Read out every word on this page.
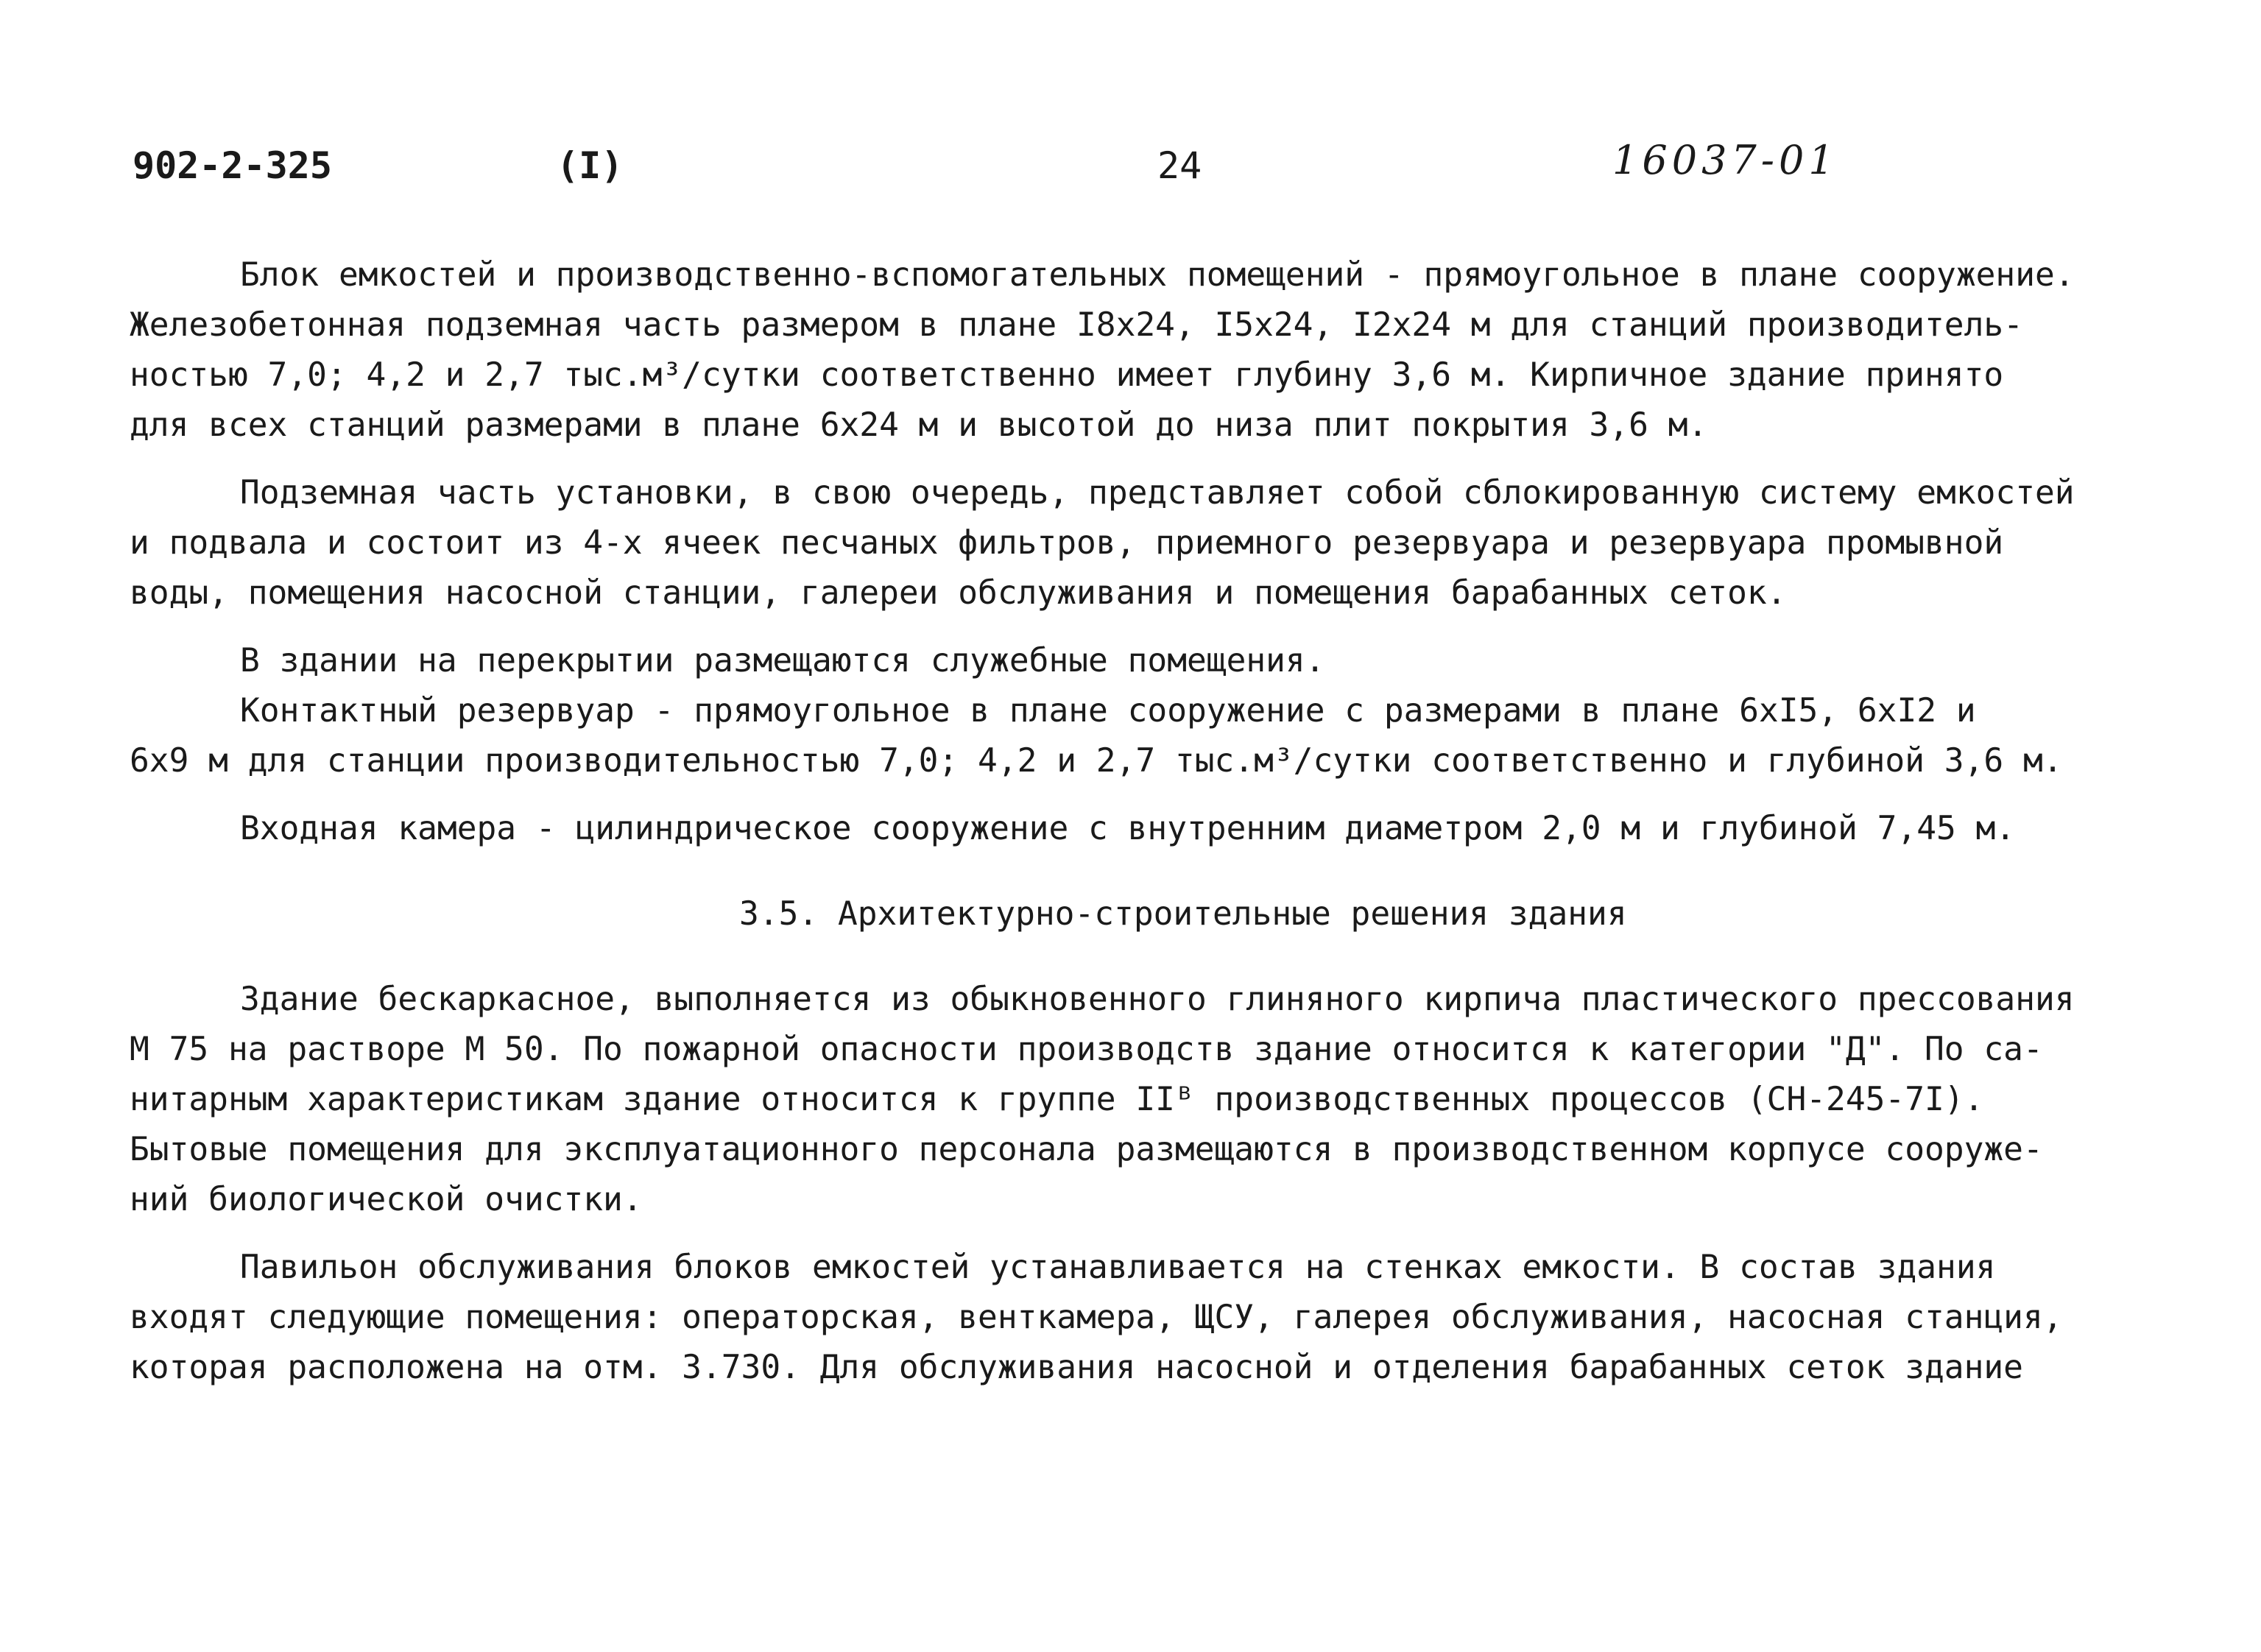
902-2-325	(I)	24	16037-01
Блок емкостей и производственно-вспомогательных помещений - прямоугольное в плане сооружение.
Железобетонная подземная часть размером в плане I8x24, I5x24, I2x24 м для станций производитель-
ностью 7,0; 4,2 и 2,7 тыс.м³/сутки соответственно имеет глубину 3,6 м. Кирпичное здание принято
для всех станций размерами в плане 6x24 м и высотой до низа плит покрытия 3,6 м.
Подземная часть установки, в свою очередь, представляет собой сблокированную систему емкостей
и подвала и состоит из 4-х ячеек песчаных фильтров, приемного резервуара и резервуара промывной
воды, помещения насосной станции, галереи обслуживания и помещения барабанных сеток.
В здании на перекрытии размещаются служебные помещения.
Контактный резервуар - прямоугольное в плане сооружение с размерами в плане 6xI5, 6xI2 и
6x9 м для станции производительностью 7,0; 4,2 и 2,7 тыс.м³/сутки соответственно и глубиной 3,6 м.
Входная камера - цилиндрическое сооружение с внутренним диаметром 2,0 м и глубиной 7,45 м.
3.5. Архитектурно-строительные решения здания
Здание бескаркасное, выполняется из обыкновенного глиняного кирпича пластического прессования
М 75 на растворе М 50. По пожарной опасности производств здание относится к категории "Д". По са-
нитарным характеристикам здание относится к группе IIᴮ производственных процессов (СН-245-7I).
Бытовые помещения для эксплуатационного персонала размещаются в производственном корпусе сооруже-
ний биологической очистки.
Павильон обслуживания блоков емкостей устанавливается на стенках емкости. В состав здания
входят следующие помещения: операторская, венткамера, ЩСУ, галерея обслуживания, насосная станция,
которая расположена на отм. 3.730. Для обслуживания насосной и отделения барабанных сеток здание
